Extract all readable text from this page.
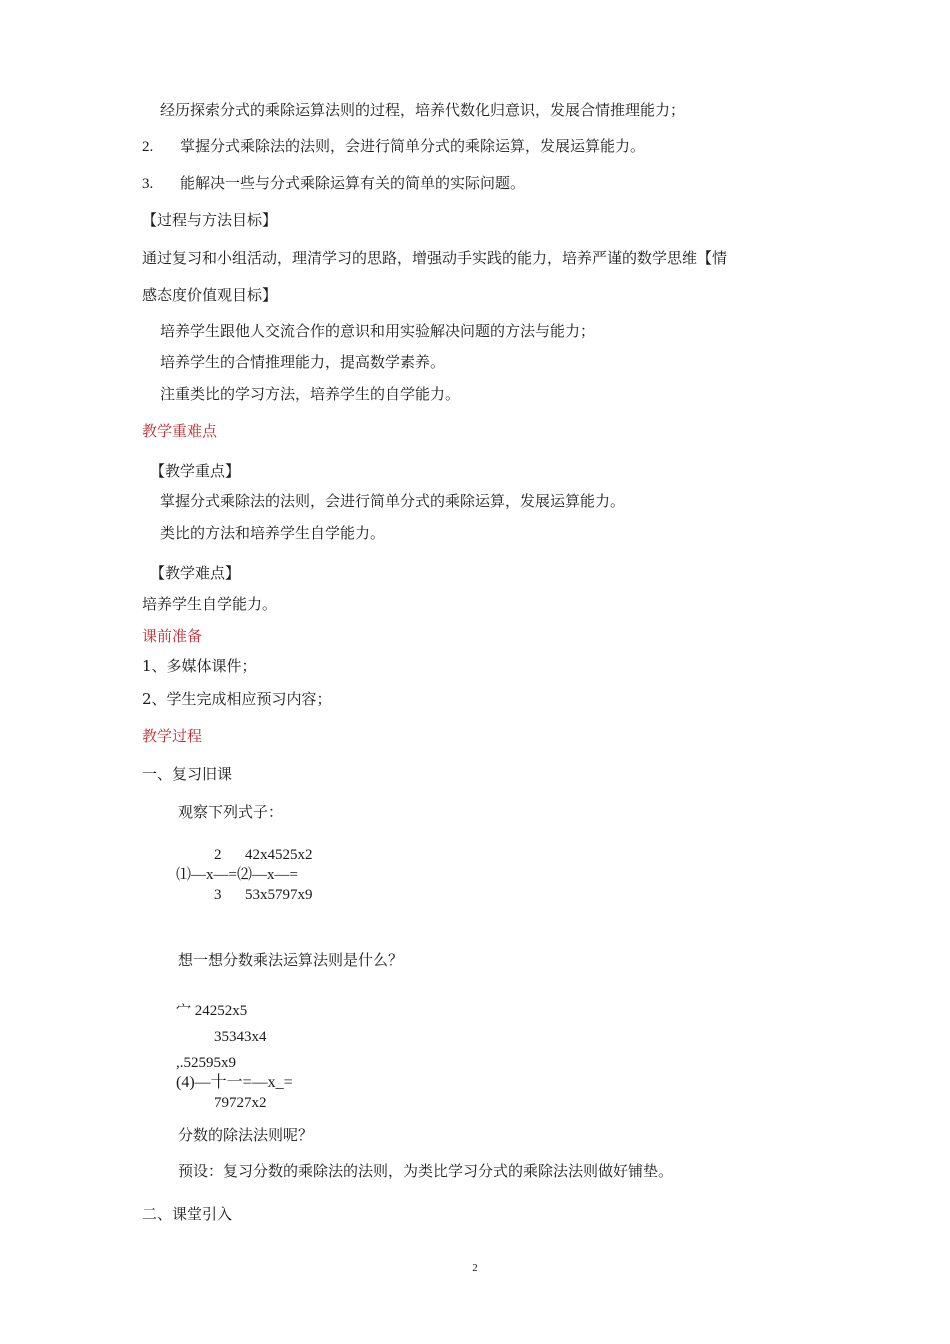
经历探索分式的乘除运算法则的过程，培养代数化归意识，发展合情推理能力；
2. 掌握分式乘除法的法则，会进行简单分式的乘除运算，发展运算能力。
3. 能解决一些与分式乘除运算有关的简单的实际问题。
【过程与方法目标】
通过复习和小组活动，理清学习的思路，增强动手实践的能力，培养严谨的数学思维【情
感态度价值观目标】
培养学生跟他人交流合作的意识和用实验解决问题的方法与能力；
培养学生的合情推理能力，提高数学素养。
注重类比的学习方法，培养学生的自学能力。
教学重难点
【教学重点】
掌握分式乘除法的法则，会进行简单分式的乘除运算，发展运算能力。
类比的方法和培养学生自学能力。
【教学难点】
培养学生自学能力。
课前准备
1、多媒体课件；
2、学生完成相应预习内容；
教学过程
一、复习旧课
观察下列式子：
2 42x4525x2
⑴—x—=⑵—x—=
3 53x5797x9
想一想分数乘法运算法则是什么？
宀 24252x5
35343x4
,.52595x9
(4)—十一=—x_=
79727x2
分数的除法法则呢？
预设：复习分数的乘除法的法则，为类比学习分式的乘除法法则做好铺垫。
二、课堂引入
2
